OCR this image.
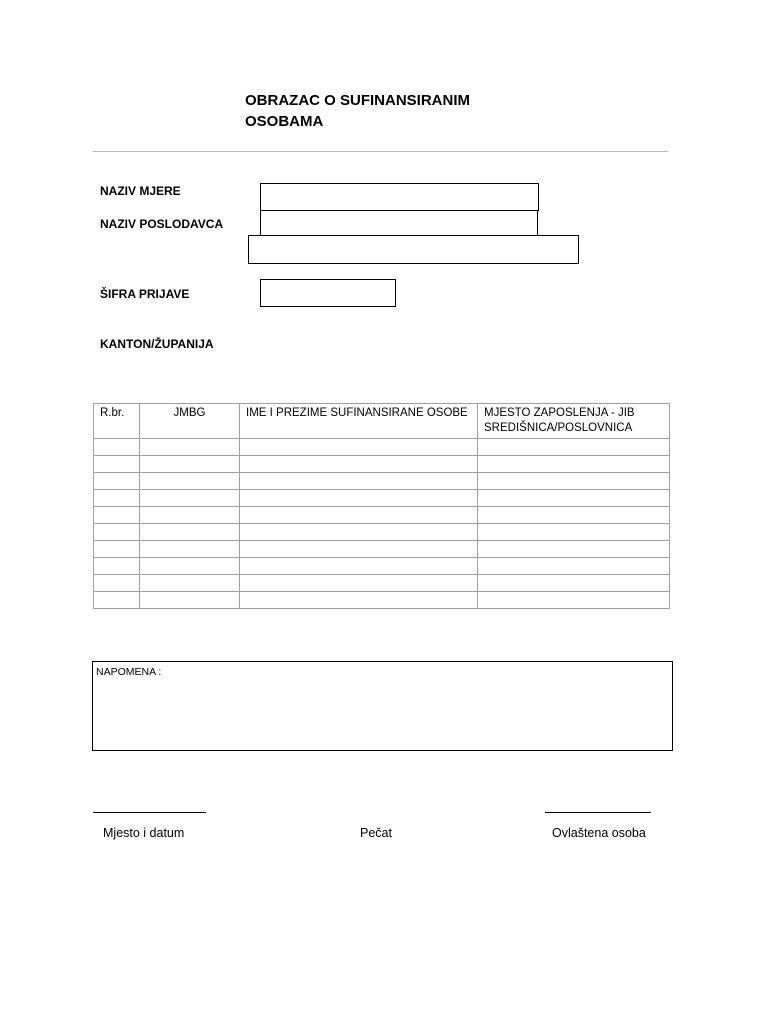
OBRAZAC O SUFINANSIRANIM
OSOBAMA
NAZIV MJERE
NAZIV POSLODAVCA
ŠIFRA PRIJAVE
KANTON/ŽUPANIJA
R.br.	JMBG	IME I PREZIME SUFINANSIRANE OSOBE	MJESTO ZAPOSLENJA - JIB SREDIŠNICA/POSLOVNICA

NAPOMENA :
Mjesto i datum	Pečat	Ovlaštena osoba
